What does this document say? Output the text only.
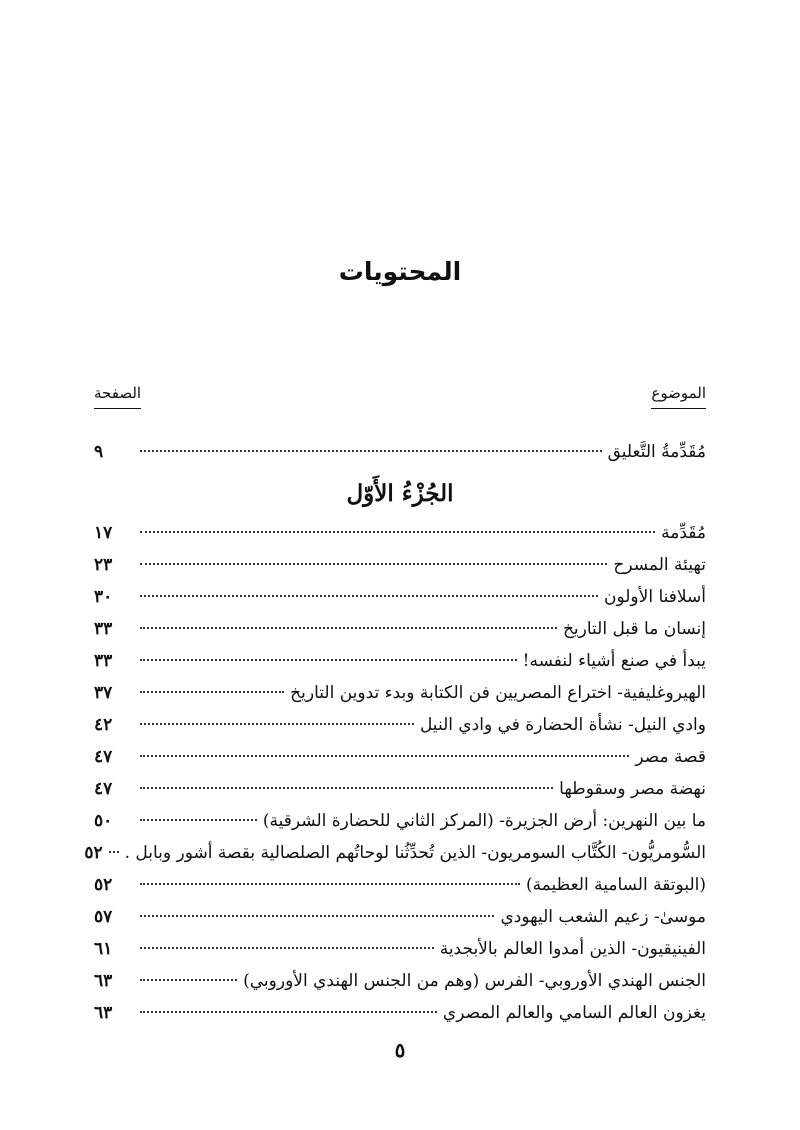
المحتويات
الموضوع
الصفحة
مُقَدِّمةُ التَّعليق
٩
الجُزْءُ الأَوّل
مُقَدِّمة
١٧
تهيئة المسرح
٢٣
أسلافنا الأولون
٣٠
إنسان ما قبل التاريخ
٣٣
يبدأ في صنع أشياء لنفسه!
٣٣
الهيروغليفية- اختراع المصريين فن الكتابة وبدء تدوين التاريخ
٣٧
وادي النيل- نشأة الحضارة في وادي النيل
٤٢
قصة مصر
٤٧
نهضة مصر وسقوطها
٤٧
ما بين النهرين: أرض الجزيرة- (المركز الثاني للحضارة الشرقية)
٥٠
السُّومريُّون- الكُتَّاب السومريون- الذين تُحدِّثُنا لوحاتُهم الصلصالية بقصة أشور وبابل .
٥٢
(البوتقة السامية العظيمة)
٥٢
موسىٰ- زعيم الشعب اليهودي
٥٧
الفينيقيون- الذين أمدوا العالم بالأبجدية
٦١
الجنس الهندي الأوروبي- الفرس (وهم من الجنس الهندي الأوروبي)
٦٣
يغزون العالم السامي والعالم المصري
٦٣
٥
